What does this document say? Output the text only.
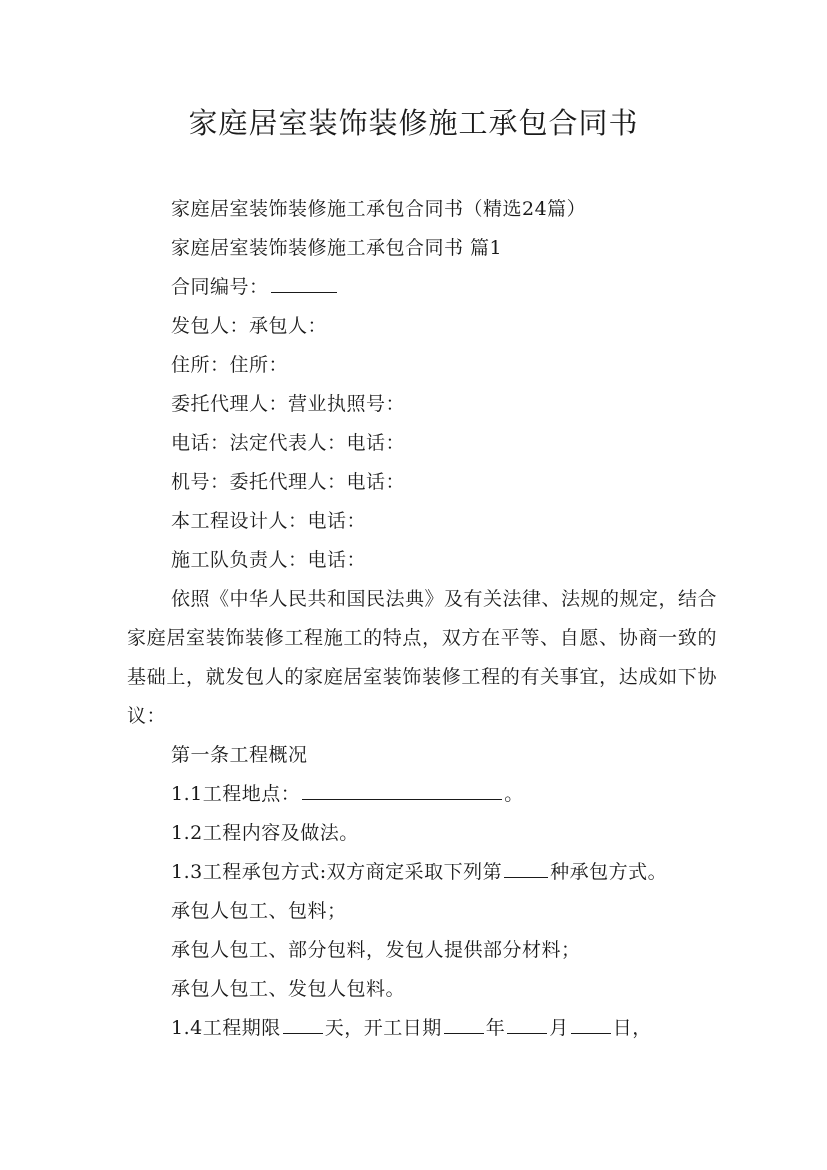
家庭居室装饰装修施工承包合同书
家庭居室装饰装修施工承包合同书（精选24篇）
家庭居室装饰装修施工承包合同书 篇1
合同编号：
发包人：承包人：
住所：住所：
委托代理人：营业执照号：
电话：法定代表人：电话：
机号：委托代理人：电话：
本工程设计人：电话：
施工队负责人：电话：
依照《中华人民共和国民法典》及有关法律、法规的规定，结合家庭居室装饰装修工程施工的特点，双方在平等、自愿、协商一致的基础上，就发包人的家庭居室装饰装修工程的有关事宜，达成如下协议：
第一条工程概况
1.1工程地点：	。
1.2工程内容及做法。
1.3工程承包方式:双方商定采取下列第	种承包方式。
承包人包工、包料；
承包人包工、部分包料，发包人提供部分材料；
承包人包工、发包人包料。
1.4工程期限 天，开工日期 年 月 日，
